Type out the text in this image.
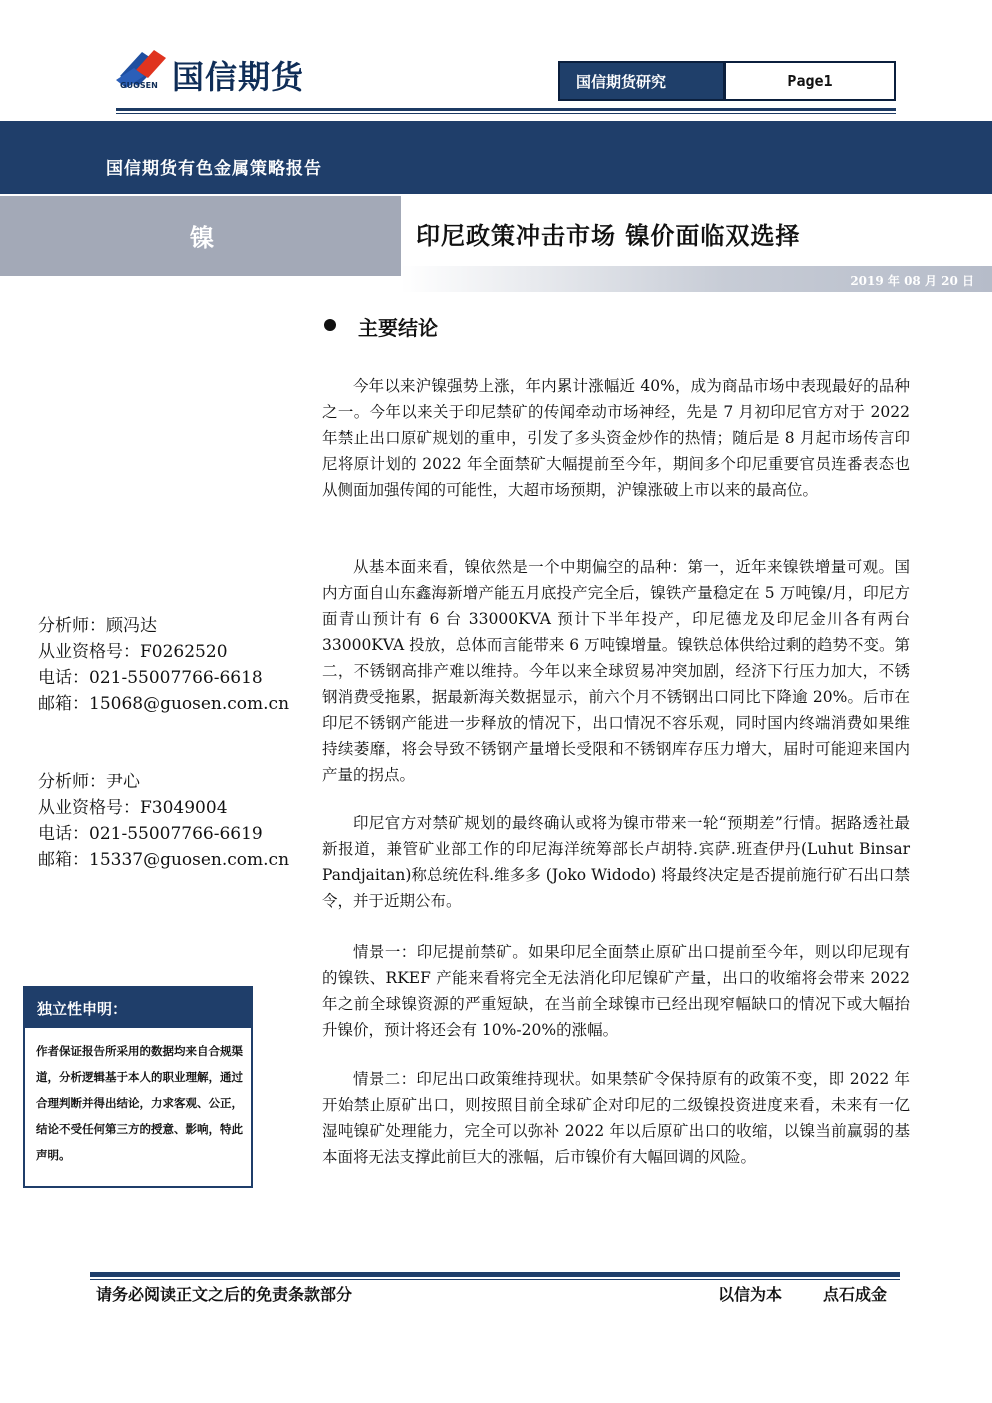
国信期货
GUOSEN	国信期货研究	Page1
国信期货有色金属策略报告
镍	印尼政策冲击市场 镍价面临双选择
2019 年 08 月 20 日
主要结论

今年以来沪镍强势上涨，年内累计涨幅近 40%，成为商品市场中表现最好的品种之一。今年以来关于印尼禁矿的传闻牵动市场神经，先是 7 月初印尼官方对于 2022 年禁止出口原矿规划的重申，引发了多头资金炒作的热情；随后是 8 月起市场传言印尼将原计划的 2022 年全面禁矿大幅提前至今年，期间多个印尼重要官员连番表态也从侧面加强传闻的可能性，大超市场预期，沪镍涨破上市以来的最高位。

从基本面来看，镍依然是一个中期偏空的品种：第一，近年来镍铁增量可观。国内方面自山东鑫海新增产能五月底投产完全后，镍铁产量稳定在 5 万吨镍/月，印尼方面青山预计有 6 台 33000KVA 预计下半年投产，印尼德龙及印尼金川各有两台 33000KVA 投放，总体而言能带来 6 万吨镍增量。镍铁总体供给过剩的趋势不变。第二，不锈钢高排产难以维持。今年以来全球贸易冲突加剧，经济下行压力加大，不锈钢消费受拖累，据最新海关数据显示，前六个月不锈钢出口同比下降逾 20%。后市在印尼不锈钢产能进一步释放的情况下，出口情况不容乐观，同时国内终端消费如果维持续萎靡，将会导致不锈钢产量增长受限和不锈钢库存压力增大，届时可能迎来国内产量的拐点。

印尼官方对禁矿规划的最终确认或将为镍市带来一轮“预期差”行情。据路透社最新报道，兼管矿业部工作的印尼海洋统筹部长卢胡特.宾萨.班查伊丹(Luhut Binsar Pandjaitan)称总统佐科.维多多 (Joko Widodo) 将最终决定是否提前施行矿石出口禁令，并于近期公布。

情景一：印尼提前禁矿。如果印尼全面禁止原矿出口提前至今年，则以印尼现有的镍铁、RKEF 产能来看将完全无法消化印尼镍矿产量，出口的收缩将会带来 2022 年之前全球镍资源的严重短缺，在当前全球镍市已经出现窄幅缺口的情况下或大幅抬升镍价，预计将还会有 10%-20%的涨幅。

情景二：印尼出口政策维持现状。如果禁矿令保持原有的政策不变，即 2022 年开始禁止原矿出口，则按照目前全球矿企对印尼的二级镍投资进度来看，未来有一亿湿吨镍矿处理能力，完全可以弥补 2022 年以后原矿出口的收缩，以镍当前赢弱的基本面将无法支撑此前巨大的涨幅，后市镍价有大幅回调的风险。

分析师：顾冯达
从业资格号：F0262520
电话：021-55007766-6618
邮箱：15068@guosen.com.cn
分析师：尹心
从业资格号：F3049004
电话：021-55007766-6619
邮箱：15337@guosen.com.cn
独立性申明：
作者保证报告所采用的数据均来自合规渠道，分析逻辑基于本人的职业理解，通过合理判断并得出结论，力求客观、公正，结论不受任何第三方的授意、影响，特此声明。
请务必阅读正文之后的免责条款部分	以信为本	点石成金
